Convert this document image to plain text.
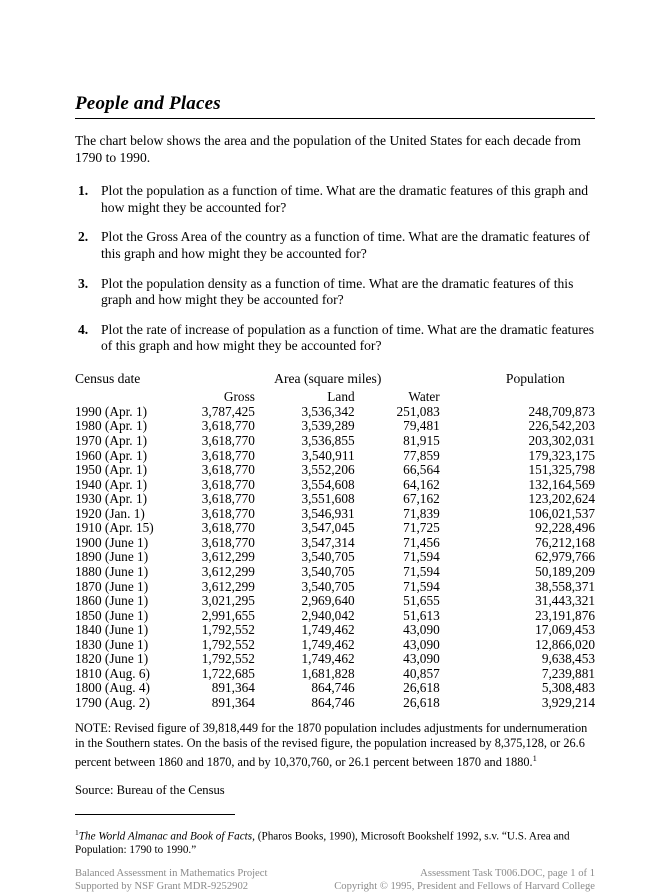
People and Places

The chart below shows the area and the population of the United States for each decade from 1790 to 1990.

1. Plot the population as a function of time. What are the dramatic features of this graph and how might they be accounted for?
2. Plot the Gross Area of the country as a function of time. What are the dramatic features of this graph and how might they be accounted for?
3. Plot the population density as a function of time. What are the dramatic features of this graph and how might they be accounted for?
4. Plot the rate of increase of population as a function of time. What are the dramatic features of this graph and how might they be accounted for?
Census date	Area (square miles)			Population
	Gross	Land	Water	
1990 (Apr. 1)	3,787,425	3,536,342	251,083	248,709,873
1980 (Apr. 1)	3,618,770	3,539,289	79,481	226,542,203
1970 (Apr. 1)	3,618,770	3,536,855	81,915	203,302,031
1960 (Apr. 1)	3,618,770	3,540,911	77,859	179,323,175
1950 (Apr. 1)	3,618,770	3,552,206	66,564	151,325,798
1940 (Apr. 1)	3,618,770	3,554,608	64,162	132,164,569
1930 (Apr. 1)	3,618,770	3,551,608	67,162	123,202,624
1920 (Jan. 1)	3,618,770	3,546,931	71,839	106,021,537
1910 (Apr. 15)	3,618,770	3,547,045	71,725	92,228,496
1900 (June 1)	3,618,770	3,547,314	71,456	76,212,168
1890 (June 1)	3,612,299	3,540,705	71,594	62,979,766
1880 (June 1)	3,612,299	3,540,705	71,594	50,189,209
1870 (June 1)	3,612,299	3,540,705	71,594	38,558,371
1860 (June 1)	3,021,295	2,969,640	51,655	31,443,321
1850 (June 1)	2,991,655	2,940,042	51,613	23,191,876
1840 (June 1)	1,792,552	1,749,462	43,090	17,069,453
1830 (June 1)	1,792,552	1,749,462	43,090	12,866,020
1820 (June 1)	1,792,552	1,749,462	43,090	9,638,453
1810 (Aug. 6)	1,722,685	1,681,828	40,857	7,239,881
1800 (Aug. 4)	891,364	864,746	26,618	5,308,483
1790 (Aug. 2)	891,364	864,746	26,618	3,929,214

NOTE: Revised figure of 39,818,449 for the 1870 population includes adjustments for undernumeration in the Southern states. On the basis of the revised figure, the population increased by 8,375,128, or 26.6 percent between 1860 and 1870, and by 10,370,760, or 26.1 percent between 1870 and 1880.$^1$

Source: Bureau of the Census

$^1$The World Almanac and Book of Facts, (Pharos Books, 1990), Microsoft Bookshelf 1992, s.v. “U.S. Area and Population: 1790 to 1990.”

Balanced Assessment in Mathematics Project	Assessment Task T006.DOC, page 1 of 1
Supported by NSF Grant MDR-9252902	Copyright © 1995, President and Fellows of Harvard College
